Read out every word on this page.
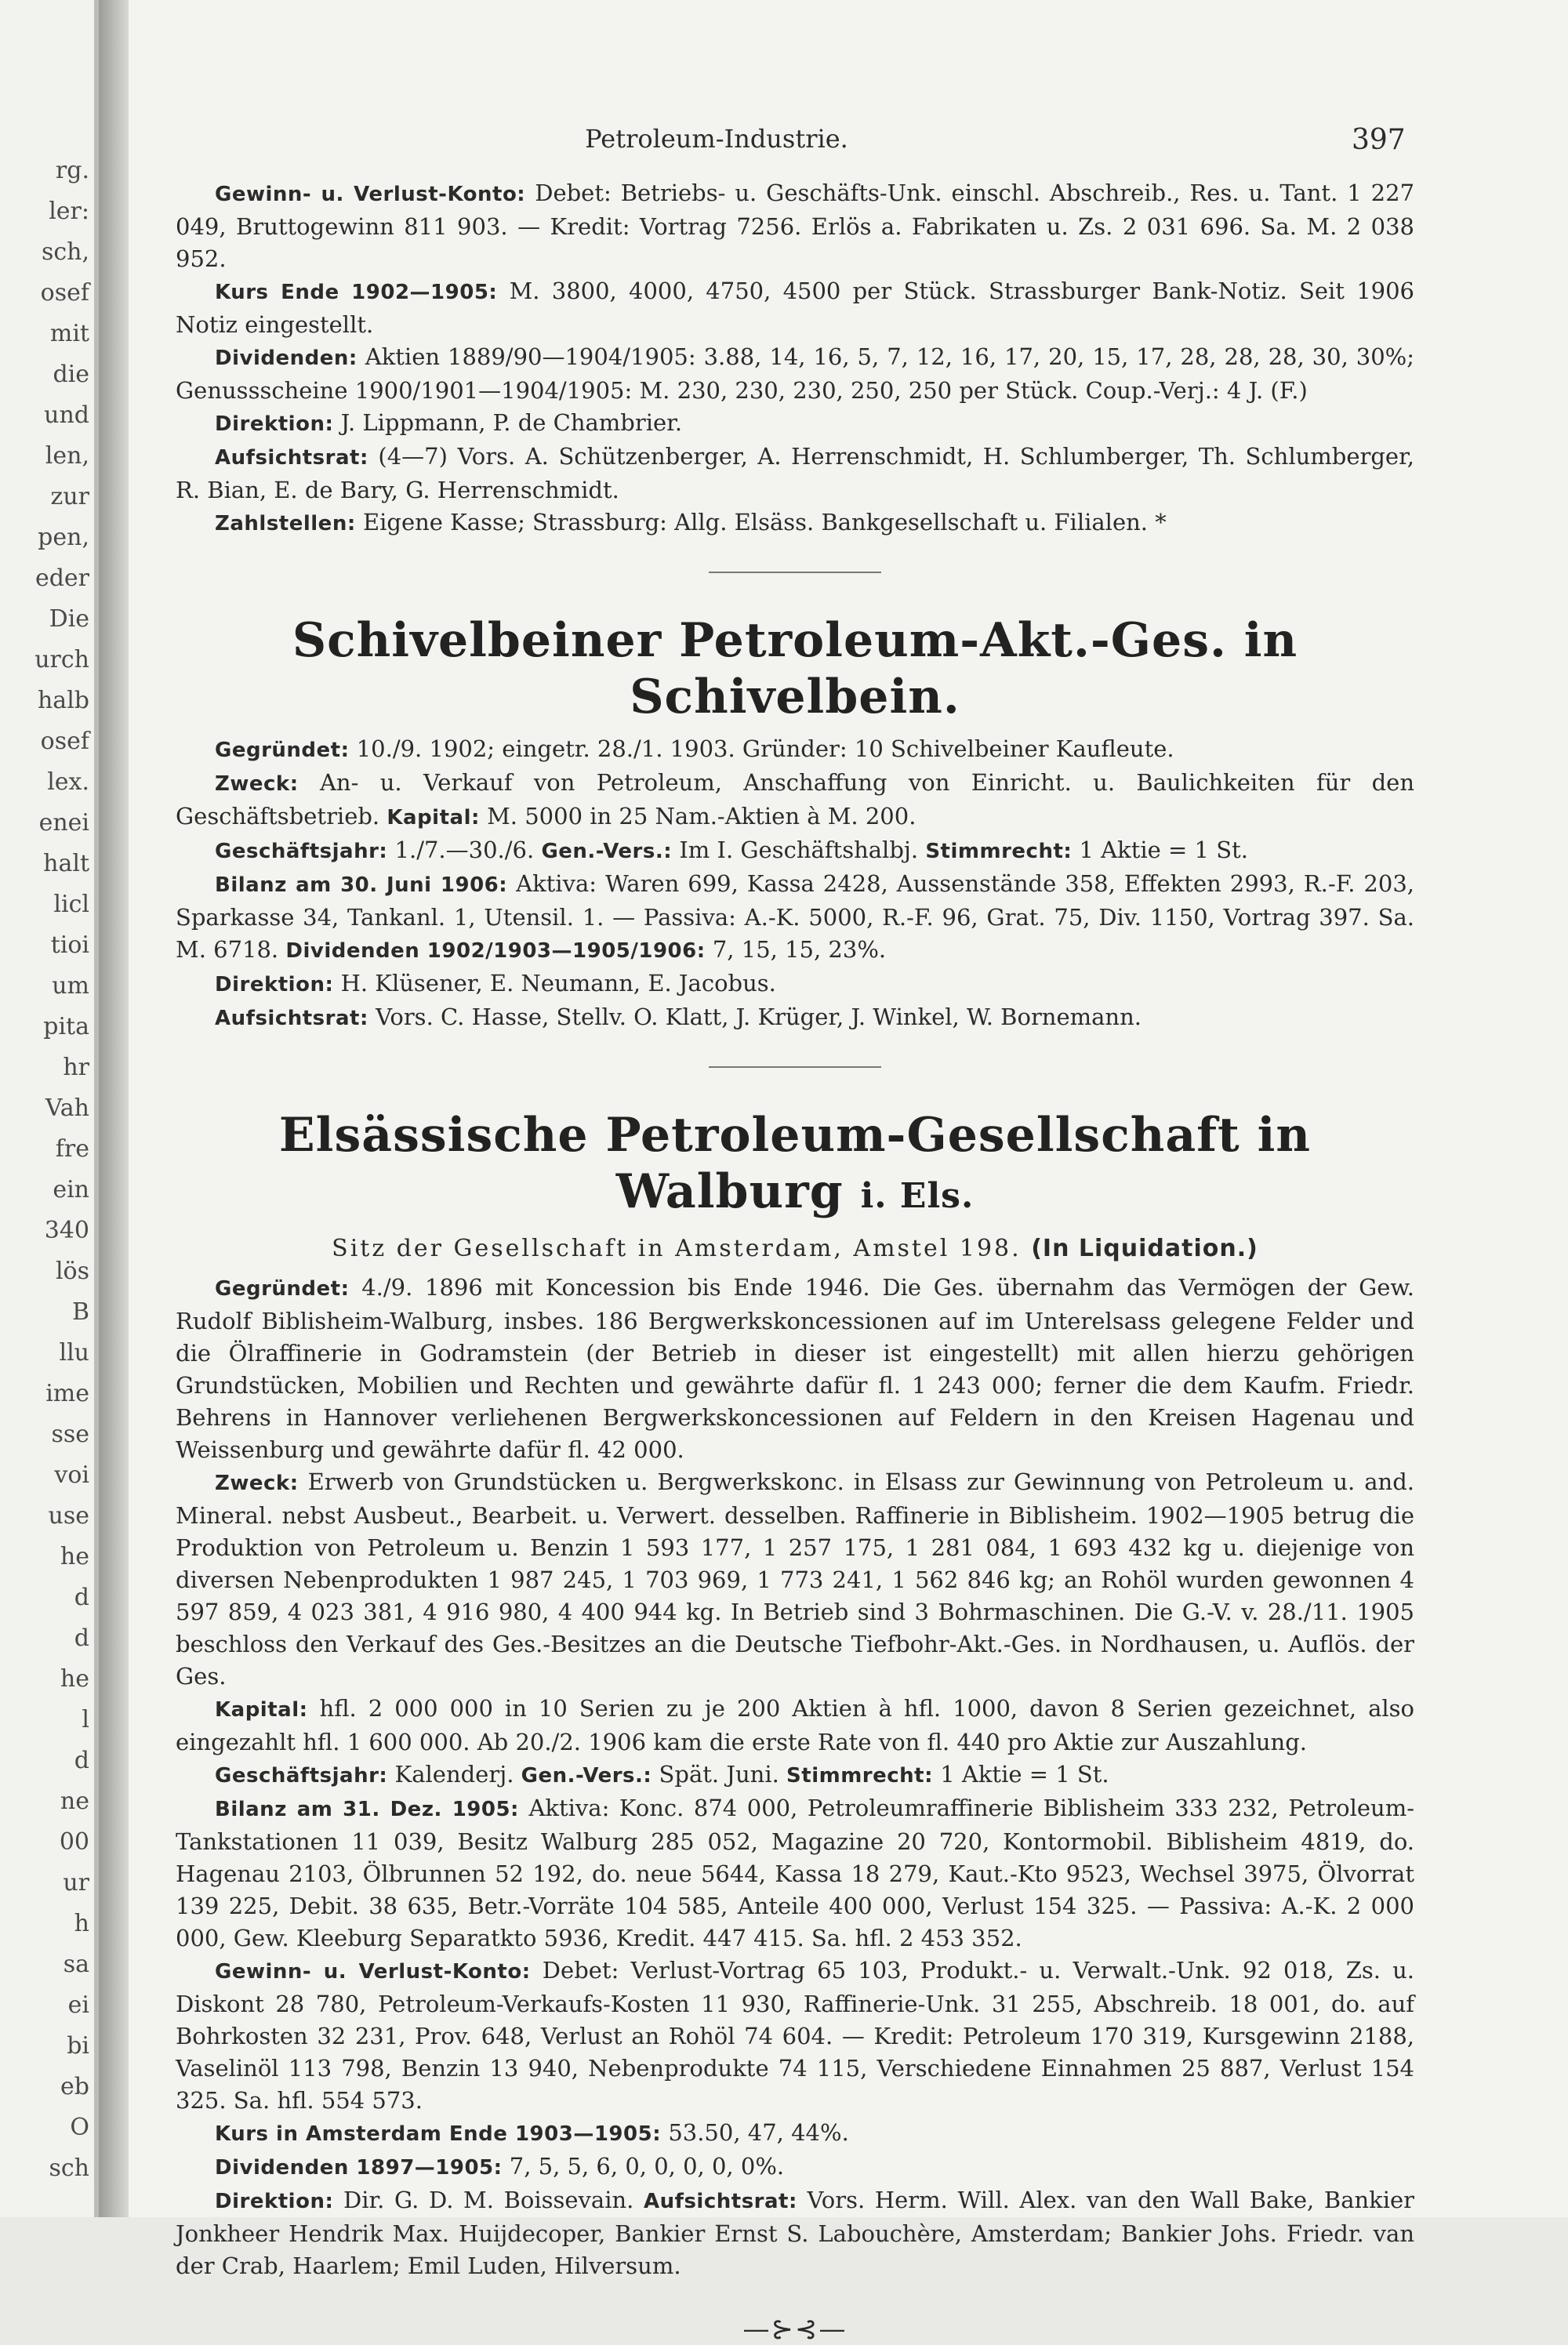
rg.
ler:
sch,
osef
mit
die
und
len,
zur
pen,
eder
Die
urch
halb
osef
lex.
enei
halt
licl
tioi
um
pita
hr
Vah
fre
ein
340
lös
B
llu
ime
sse
voi
use
he
d
d
he
l
d
ne
00
ur
h
sa
ei
bi
eb
O
sch
Petroleum-Industrie.	397

Gewinn- u. Verlust-Konto: Debet: Betriebs- u. Geschäfts-Unk. einschl. Abschreib., Res. u. Tant. 1 227 049, Bruttogewinn 811 903. — Kredit: Vortrag 7256. Erlös a. Fabrikaten u. Zs. 2 031 696. Sa. M. 2 038 952.

Kurs Ende 1902—1905: M. 3800, 4000, 4750, 4500 per Stück. Strassburger Bank-Notiz. Seit 1906 Notiz eingestellt.

Dividenden: Aktien 1889/90—1904/1905: 3.88, 14, 16, 5, 7, 12, 16, 17, 20, 15, 17, 28, 28, 28, 30, 30%; Genussscheine 1900/1901—1904/1905: M. 230, 230, 230, 250, 250 per Stück. Coup.-Verj.: 4 J. (F.)

Direktion: J. Lippmann, P. de Chambrier.

Aufsichtsrat: (4—7) Vors. A. Schützenberger, A. Herrenschmidt, H. Schlumberger, Th. Schlumberger, R. Bian, E. de Bary, G. Herrenschmidt.

Zahlstellen: Eigene Kasse; Strassburg: Allg. Elsäss. Bankgesellschaft u. Filialen. *

Schivelbeiner Petroleum-Akt.-Ges. in Schivelbein.

Gegründet: 10./9. 1902; eingetr. 28./1. 1903. Gründer: 10 Schivelbeiner Kaufleute.

Zweck: An- u. Verkauf von Petroleum, Anschaffung von Einricht. u. Baulichkeiten für den Geschäftsbetrieb. Kapital: M. 5000 in 25 Nam.-Aktien à M. 200.

Geschäftsjahr: 1./7.—30./6. Gen.-Vers.: Im I. Geschäftshalbj. Stimmrecht: 1 Aktie = 1 St.

Bilanz am 30. Juni 1906: Aktiva: Waren 699, Kassa 2428, Aussenstände 358, Effekten 2993, R.-F. 203, Sparkasse 34, Tankanl. 1, Utensil. 1. — Passiva: A.-K. 5000, R.-F. 96, Grat. 75, Div. 1150, Vortrag 397. Sa. M. 6718. Dividenden 1902/1903—1905/1906: 7, 15, 15, 23%.

Direktion: H. Klüsener, E. Neumann, E. Jacobus.

Aufsichtsrat: Vors. C. Hasse, Stellv. O. Klatt, J. Krüger, J. Winkel, W. Bornemann.

Elsässische Petroleum-Gesellschaft in Walburg i. Els.

Sitz der Gesellschaft in Amsterdam, Amstel 198. (In Liquidation.)

Gegründet: 4./9. 1896 mit Koncession bis Ende 1946. Die Ges. übernahm das Vermögen der Gew. Rudolf Biblisheim-Walburg, insbes. 186 Bergwerkskoncessionen auf im Unterelsass gelegene Felder und die Ölraffinerie in Godramstein (der Betrieb in dieser ist eingestellt) mit allen hierzu gehörigen Grundstücken, Mobilien und Rechten und gewährte dafür fl. 1 243 000; ferner die dem Kaufm. Friedr. Behrens in Hannover verliehenen Bergwerkskoncessionen auf Feldern in den Kreisen Hagenau und Weissenburg und gewährte dafür fl. 42 000.

Zweck: Erwerb von Grundstücken u. Bergwerkskonc. in Elsass zur Gewinnung von Petroleum u. and. Mineral. nebst Ausbeut., Bearbeit. u. Verwert. desselben. Raffinerie in Biblisheim. 1902—1905 betrug die Produktion von Petroleum u. Benzin 1 593 177, 1 257 175, 1 281 084, 1 693 432 kg u. diejenige von diversen Nebenprodukten 1 987 245, 1 703 969, 1 773 241, 1 562 846 kg; an Rohöl wurden gewonnen 4 597 859, 4 023 381, 4 916 980, 4 400 944 kg. In Betrieb sind 3 Bohrmaschinen. Die G.-V. v. 28./11. 1905 beschloss den Verkauf des Ges.-Besitzes an die Deutsche Tiefbohr-Akt.-Ges. in Nordhausen, u. Auflös. der Ges.

Kapital: hfl. 2 000 000 in 10 Serien zu je 200 Aktien à hfl. 1000, davon 8 Serien gezeichnet, also eingezahlt hfl. 1 600 000. Ab 20./2. 1906 kam die erste Rate von fl. 440 pro Aktie zur Auszahlung.

Geschäftsjahr: Kalenderj. Gen.-Vers.: Spät. Juni. Stimmrecht: 1 Aktie = 1 St.

Bilanz am 31. Dez. 1905: Aktiva: Konc. 874 000, Petroleumraffinerie Biblisheim 333 232, Petroleum-Tankstationen 11 039, Besitz Walburg 285 052, Magazine 20 720, Kontormobil. Biblisheim 4819, do. Hagenau 2103, Ölbrunnen 52 192, do. neue 5644, Kassa 18 279, Kaut.-Kto 9523, Wechsel 3975, Ölvorrat 139 225, Debit. 38 635, Betr.-Vorräte 104 585, Anteile 400 000, Verlust 154 325. — Passiva: A.-K. 2 000 000, Gew. Kleeburg Separatkto 5936, Kredit. 447 415. Sa. hfl. 2 453 352.

Gewinn- u. Verlust-Konto: Debet: Verlust-Vortrag 65 103, Produkt.- u. Verwalt.-Unk. 92 018, Zs. u. Diskont 28 780, Petroleum-Verkaufs-Kosten 11 930, Raffinerie-Unk. 31 255, Abschreib. 18 001, do. auf Bohrkosten 32 231, Prov. 648, Verlust an Rohöl 74 604. — Kredit: Petroleum 170 319, Kursgewinn 2188, Vaselinöl 113 798, Benzin 13 940, Nebenprodukte 74 115, Verschiedene Einnahmen 25 887, Verlust 154 325. Sa. hfl. 554 573.

Kurs in Amsterdam Ende 1903—1905: 53.50, 47, 44%.

Dividenden 1897—1905: 7, 5, 5, 6, 0, 0, 0, 0, 0%.

Direktion: Dir. G. D. M. Boissevain. Aufsichtsrat: Vors. Herm. Will. Alex. van den Wall Bake, Bankier Jonkheer Hendrik Max. Huijdecoper, Bankier Ernst S. Labouchère, Amsterdam; Bankier Johs. Friedr. van der Crab, Haarlem; Emil Luden, Hilversum.

—⊱⊰—
